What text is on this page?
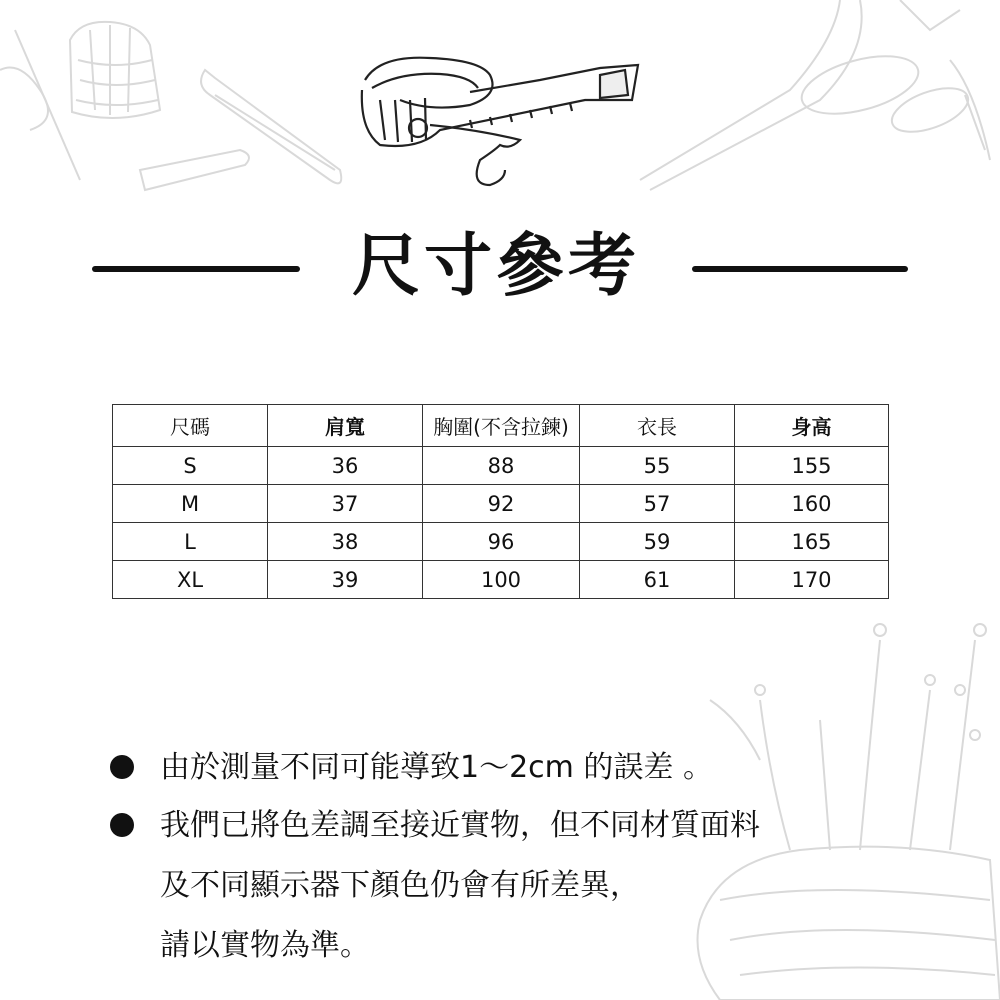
尺寸參考
尺碼	肩寬	胸圍(不含拉鍊)	衣長	身高
S	36	88	55	155
M	37	92	57	160
L	38	96	59	165
XL	39	100	61	170
由於測量不同可能導致1～2cm 的誤差 。
我們已將色差調至接近實物，但不同材質面料
及不同顯示器下顏色仍會有所差異，
請以實物為準。
